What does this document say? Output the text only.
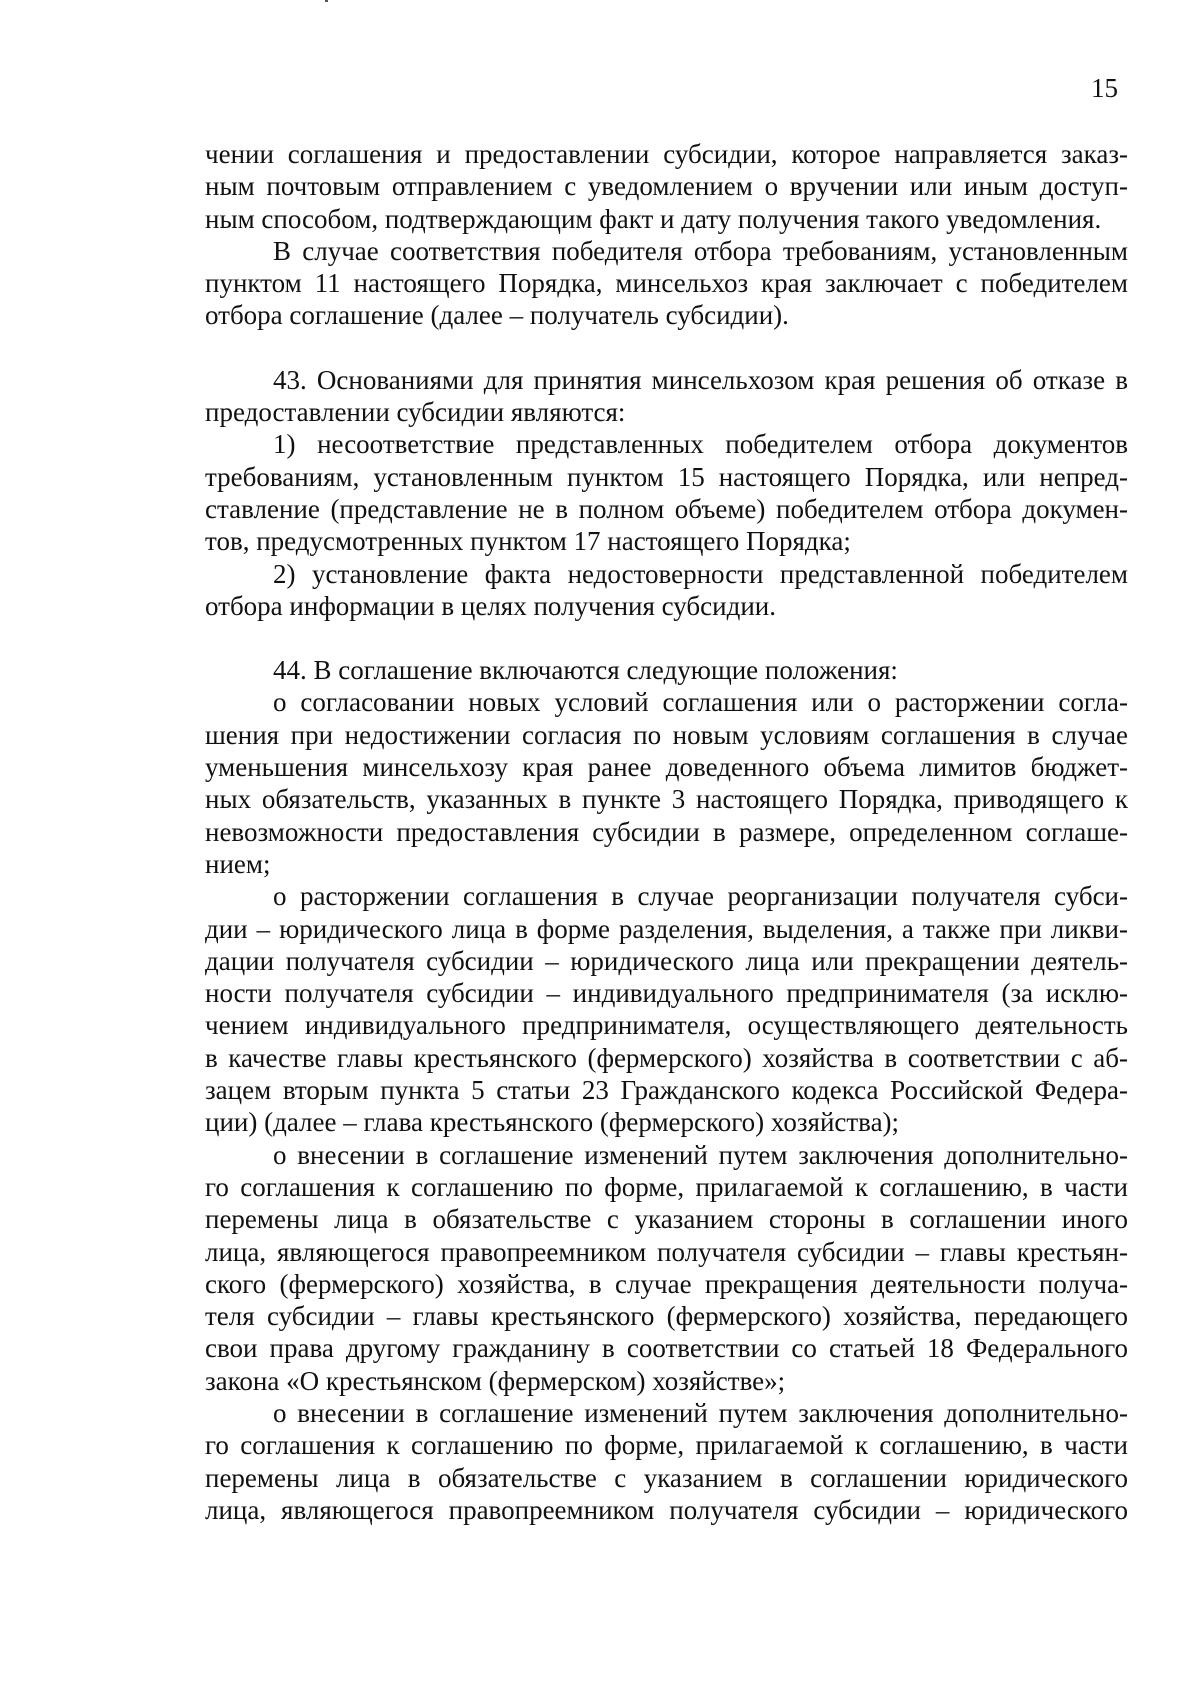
15
чении соглашения и предоставлении субсидии, которое направляется заказ-
ным почтовым отправлением с уведомлением о вручении или иным доступ-
ным способом, подтверждающим факт и дату получения такого уведомления.
В случае соответствия победителя отбора требованиям, установленным
пунктом 11 настоящего Порядка, минсельхоз края заключает с победителем
отбора соглашение (далее – получатель субсидии).
43. Основаниями для принятия минсельхозом края решения об отказе в
предоставлении субсидии являются:
1) несоответствие представленных победителем отбора документов
требованиям, установленным пунктом 15 настоящего Порядка, или непред-
ставление (представление не в полном объеме) победителем отбора докумен-
тов, предусмотренных пунктом 17 настоящего Порядка;
2) установление факта недостоверности представленной победителем
отбора информации в целях получения субсидии.
44. В соглашение включаются следующие положения:
о согласовании новых условий соглашения или о расторжении согла-
шения при недостижении согласия по новым условиям соглашения в случае
уменьшения минсельхозу края ранее доведенного объема лимитов бюджет-
ных обязательств, указанных в пункте 3 настоящего Порядка, приводящего к
невозможности предоставления субсидии в размере, определенном соглаше-
нием;
о расторжении соглашения в случае реорганизации получателя субси-
дии – юридического лица в форме разделения, выделения, а также при ликви-
дации получателя субсидии – юридического лица или прекращении деятель-
ности получателя субсидии – индивидуального предпринимателя (за исклю-
чением индивидуального предпринимателя, осуществляющего деятельность
в качестве главы крестьянского (фермерского) хозяйства в соответствии с аб-
зацем вторым пункта 5 статьи 23 Гражданского кодекса Российской Федера-
ции) (далее – глава крестьянского (фермерского) хозяйства);
о внесении в соглашение изменений путем заключения дополнительно-
го соглашения к соглашению по форме, прилагаемой к соглашению, в части
перемены лица в обязательстве с указанием стороны в соглашении иного
лица, являющегося правопреемником получателя субсидии – главы крестьян-
ского (фермерского) хозяйства, в случае прекращения деятельности получа-
теля субсидии – главы крестьянского (фермерского) хозяйства, передающего
свои права другому гражданину в соответствии со статьей 18 Федерального
закона «О крестьянском (фермерском) хозяйстве»;
о внесении в соглашение изменений путем заключения дополнительно-
го соглашения к соглашению по форме, прилагаемой к соглашению, в части
перемены лица в обязательстве с указанием в соглашении юридического
лица, являющегося правопреемником получателя субсидии – юридического
